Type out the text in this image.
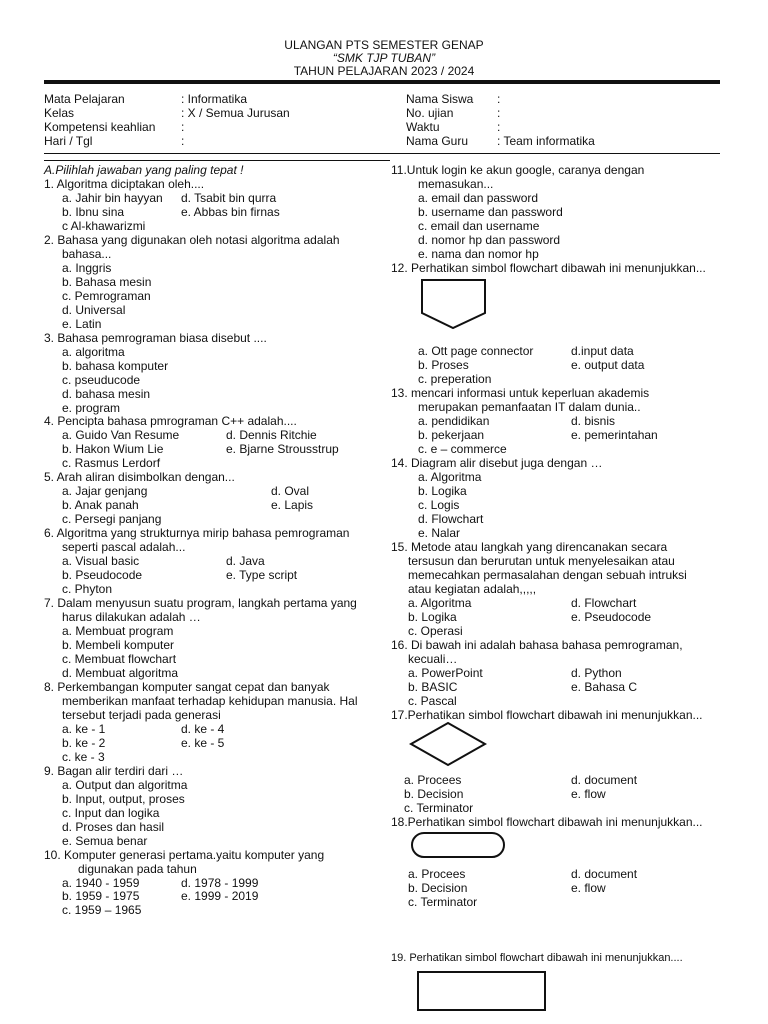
ULANGAN PTS SEMESTER GENAP
“SMK TJP TUBAN”
TAHUN PELAJARAN 2023 / 2024
Mata Pelajaran	: Informatika
Kelas	: X / Semua Jurusan
Kompetensi keahlian :
Hari / Tgl	:
Nama Siswa :
No. ujian	:
Waktu	:
Nama Guru : Team informatika
A.Pilihlah jawaban yang paling tepat !
1. Algoritma diciptakan oleh....
a. Jahir bin hayyan d. Tsabit bin qurra
b. Ibnu sina	e. Abbas bin firnas
c Al-khawarizmi
2. Bahasa yang digunakan oleh notasi algoritma adalah
bahasa...
a. Inggris
b. Bahasa mesin
c. Pemrograman
d. Universal
e. Latin
3. Bahasa pemrograman biasa disebut ....
a. algoritma
b. bahasa komputer
c. pseuducode
d. bahasa mesin
e. program
4. Pencipta bahasa pmrograman C++ adalah....
a. Guido Van Resume	d. Dennis Ritchie
b. Hakon Wium Lie	e. Bjarne Strousstrup
c. Rasmus Lerdorf
5. Arah aliran disimbolkan dengan...
a. Jajar genjang	d. Oval
b. Anak panah	e. Lapis
c. Persegi panjang
6. Algoritma yang strukturnya mirip bahasa pemrograman
seperti pascal adalah...
a. Visual basic	d. Java
b. Pseudocode	e. Type script
c. Phyton
7. Dalam menyusun suatu program, langkah pertama yang
harus dilakukan adalah …
a. Membuat program
b. Membeli komputer
c. Membuat flowchart
d. Membuat algoritma
8. Perkembangan komputer sangat cepat dan banyak
memberikan manfaat terhadap kehidupan manusia. Hal
tersebut terjadi pada generasi
a. ke - 1	d. ke - 4
b. ke - 2	e. ke - 5
c. ke - 3
9. Bagan alir terdiri dari …
a. Output dan algoritma
b. Input, output, proses
c. Input dan logika
d. Proses dan hasil
e. Semua benar
10. Komputer generasi pertama.yaitu komputer yang
digunakan pada tahun
a. 1940 - 1959	d. 1978 - 1999
b. 1959 - 1975	e. 1999 - 2019
c. 1959 – 1965
11.Untuk login ke akun google, caranya dengan
memasukan...
a. email dan password
b. username dan password
c. email dan username
d. nomor hp dan password
e. nama dan nomor hp
12. Perhatikan simbol flowchart dibawah ini menunjukkan...
a. Ott page connector	d.input data
b. Proses	e. output data
c. preperation
13. mencari informasi untuk keperluan akademis
merupakan pemanfaatan IT dalam dunia..
a. pendidikan	d. bisnis
b. pekerjaan	e. pemerintahan
c. e – commerce
14. Diagram alir disebut juga dengan …
a. Algoritma
b. Logika
c. Logis
d. Flowchart
e. Nalar
15. Metode atau langkah yang direncanakan secara
tersusun dan berurutan untuk menyelesaikan atau
memecahkan permasalahan dengan sebuah intruksi
atau kegiatan adalah,,,,,
a. Algoritma	d. Flowchart
b. Logika	e. Pseudocode
c. Operasi
16. Di bawah ini adalah bahasa bahasa pemrograman,
kecuali…
a. PowerPoint	d. Python
b. BASIC	e. Bahasa C
c. Pascal
17.Perhatikan simbol flowchart dibawah ini menunjukkan...
a. Procees	d. document
b. Decision	e. flow
c. Terminator
18.Perhatikan simbol flowchart dibawah ini menunjukkan...
a. Procees	d. document
b. Decision	e. flow
c. Terminator
19. Perhatikan simbol flowchart dibawah ini menunjukkan....
